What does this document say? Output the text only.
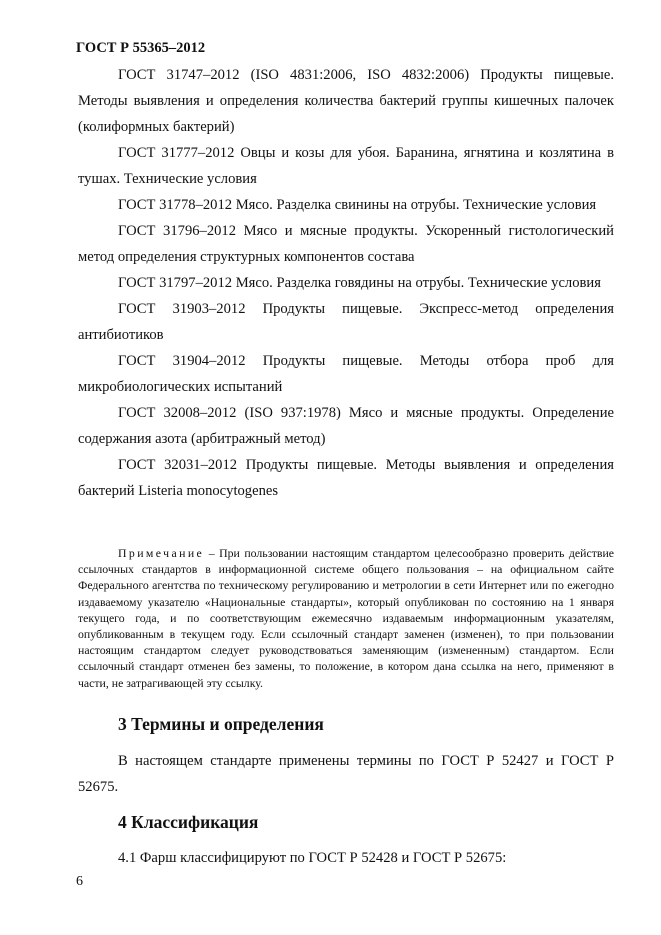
ГОСТ Р 55365–2012

ГОСТ 31747–2012 (ISO 4831:2006, ISO 4832:2006) Продукты пищевые. Методы выявления и определения количества бактерий группы кишечных палочек (колиформных бактерий)

ГОСТ 31777–2012 Овцы и козы для убоя. Баранина, ягнятина и козлятина в тушах. Технические условия

ГОСТ 31778–2012 Мясо. Разделка свинины на отрубы. Технические условия

ГОСТ 31796–2012 Мясо и мясные продукты. Ускоренный гистологический метод определения структурных компонентов состава

ГОСТ 31797–2012 Мясо. Разделка говядины на отрубы. Технические условия

ГОСТ 31903–2012 Продукты пищевые. Экспресс-метод определения антибиотиков

ГОСТ 31904–2012 Продукты пищевые. Методы отбора проб для микробиологических испытаний

ГОСТ 32008–2012 (ISO 937:1978) Мясо и мясные продукты. Определение содержания азота (арбитражный метод)

ГОСТ 32031–2012 Продукты пищевые. Методы выявления и определения бактерий Listeria monocytogenes

Примечание – При пользовании настоящим стандартом целесообразно проверить действие ссылочных стандартов в информационной системе общего пользования – на официальном сайте Федерального агентства по техническому регулированию и метрологии в сети Интернет или по ежегодно издаваемому указателю «Национальные стандарты», который опубликован по состоянию на 1 января текущего года, и по соответствующим ежемесячно издаваемым информационным указателям, опубликованным в текущем году. Если ссылочный стандарт заменен (изменен), то при пользовании настоящим стандартом следует руководствоваться заменяющим (измененным) стандартом. Если ссылочный стандарт отменен без замены, то положение, в котором дана ссылка на него, применяют в части, не затрагивающей эту ссылку.

3 Термины и определения

В настоящем стандарте применены термины по ГОСТ Р 52427 и ГОСТ Р 52675.

4 Классификация

4.1 Фарш классифицируют по ГОСТ Р 52428 и ГОСТ Р 52675:

6
